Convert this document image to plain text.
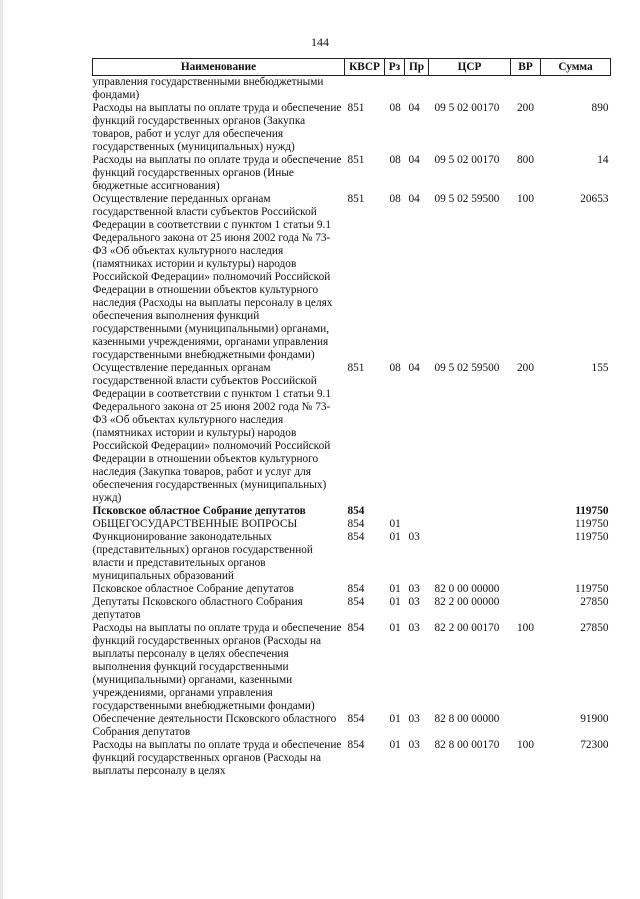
144
Наименование	КВСР	Рз	Пр	ЦСР	ВР	Сумма
управления государственными внебюджетными фондами)						
Расходы на выплаты по оплате труда и обеспечение функций государственных органов (Закупка товаров, работ и услуг для обеспечения государственных (муниципальных) нужд)	851	08	04	09 5 02 00170	200	890
Расходы на выплаты по оплате труда и обеспечение функций государственных органов (Иные бюджетные ассигнования)	851	08	04	09 5 02 00170	800	14
Осуществление переданных органам государственной власти субъектов Российской Федерации в соответствии с пунктом 1 статьи 9.1 Федерального закона от 25 июня 2002 года № 73-ФЗ «Об объектах культурного наследия (памятниках истории и культуры) народов Российской Федерации» полномочий Российской Федерации в отношении объектов культурного наследия (Расходы на выплаты персоналу в целях обеспечения выполнения функций государственными (муниципальными) органами, казенными учреждениями, органами управления государственными внебюджетными фондами)	851	08	04	09 5 02 59500	100	20653
Осуществление переданных органам государственной власти субъектов Российской Федерации в соответствии с пунктом 1 статьи 9.1 Федерального закона от 25 июня 2002 года № 73-ФЗ «Об объектах культурного наследия (памятниках истории и культуры) народов Российской Федерации» полномочий Российской Федерации в отношении объектов культурного наследия (Закупка товаров, работ и услуг для обеспечения государственных (муниципальных) нужд)	851	08	04	09 5 02 59500	200	155
Псковское областное Собрание депутатов	854					119750
ОБЩЕГОСУДАРСТВЕННЫЕ ВОПРОСЫ	854	01				119750
Функционирование законодательных (представительных) органов государственной власти и представительных органов муниципальных образований	854	01	03			119750
Псковское областное Собрание депутатов	854	01	03	82 0 00 00000		119750
Депутаты Псковского областного Собрания депутатов	854	01	03	82 2 00 00000		27850
Расходы на выплаты по оплате труда и обеспечение функций государственных органов (Расходы на выплаты персоналу в целях обеспечения выполнения функций государственными (муниципальными) органами, казенными учреждениями, органами управления государственными внебюджетными фондами)	854	01	03	82 2 00 00170	100	27850
Обеспечение деятельности Псковского областного Собрания депутатов	854	01	03	82 8 00 00000		91900
Расходы на выплаты по оплате труда и обеспечение функций государственных органов (Расходы на выплаты персоналу в целях	854	01	03	82 8 00 00170	100	72300
